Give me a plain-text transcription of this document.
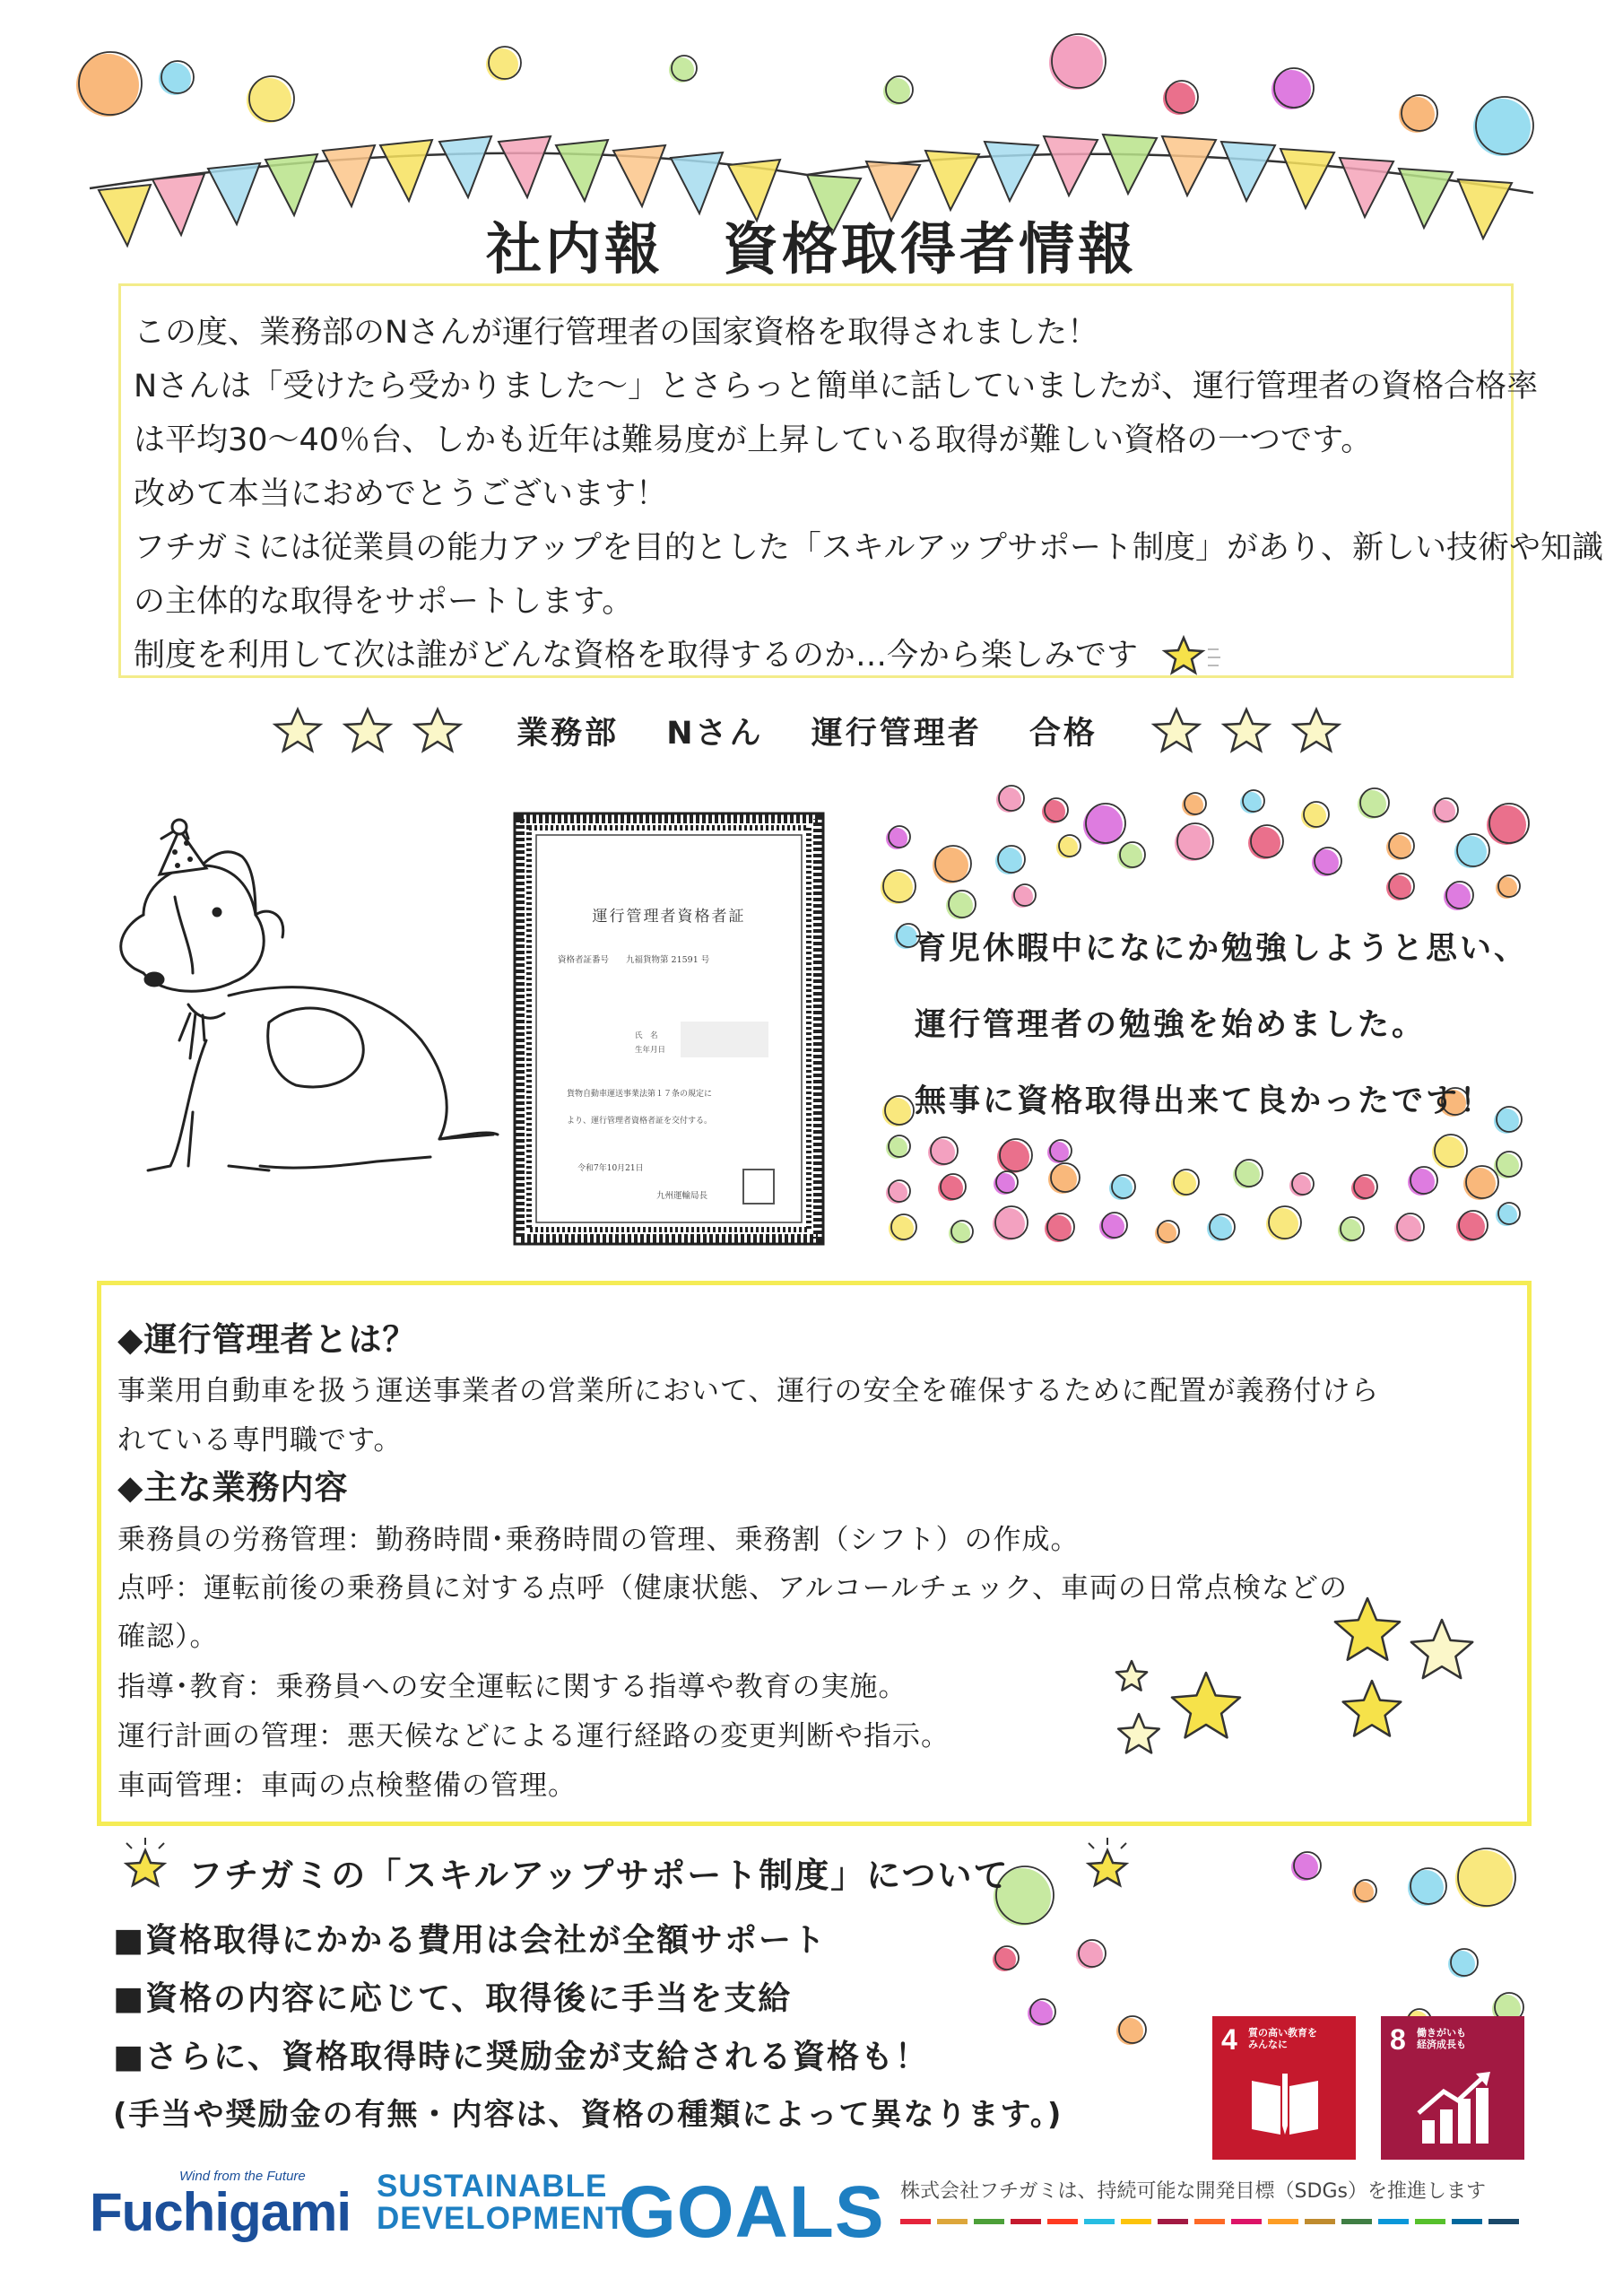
社内報　資格取得者情報

この度、業務部のNさんが運行管理者の国家資格を取得されました！

Nさんは「受けたら受かりました～」とさらっと簡単に話していましたが、運行管理者の資格合格率

は平均30～40％台、しかも近年は難易度が上昇している取得が難しい資格の一つです。

改めて本当におめでとうございます！

フチガミには従業員の能力アップを目的とした「スキルアップサポート制度」があり、新しい技術や知識

の主体的な取得をサポートします。

制度を利用して次は誰がどんな資格を取得するのか…今から楽しみです

業務部　 Nさん　 運行管理者　 合格
運行管理者資格者証
資格者証番号　　九福貨物第 21591 号
氏　名
生年月日
貨物自動車運送事業法第１７条の規定に
より、運行管理者資格者証を交付する。
令和7年10月21日
九州運輸局長
育児休暇中になにか勉強しようと思い、
運行管理者の勉強を始めました。
無事に資格取得出来て良かったです！
◆運行管理者とは？
事業用自動車を扱う運送事業者の営業所において、運行の安全を確保するために配置が義務付けら
れている専門職です。
◆主な業務内容
乗務員の労務管理：勤務時間･乗務時間の管理、乗務割（シフト）の作成。
点呼：運転前後の乗務員に対する点呼（健康状態、アルコールチェック、車両の日常点検などの
確認）。
指導･教育：乗務員への安全運転に関する指導や教育の実施。
運行計画の管理：悪天候などによる運行経路の変更判断や指示。
車両管理：車両の点検整備の管理。
フチガミの「スキルアップサポート制度」について
■資格取得にかかる費用は会社が全額サポート
■資格の内容に応じて、取得後に手当を支給
■さらに、資格取得時に奨励金が支給される資格も！
(手当や奨励金の有無・内容は、資格の種類によって異なります。)
4 質の高い教育を
みんなに	8 働きがいも
経済成長も
Wind from the Future
Fuchigami SUSTAINABLE
DEVELOPMENT
GOALS 株式会社フチガミは、持続可能な開発目標（SDGs）を推進します
